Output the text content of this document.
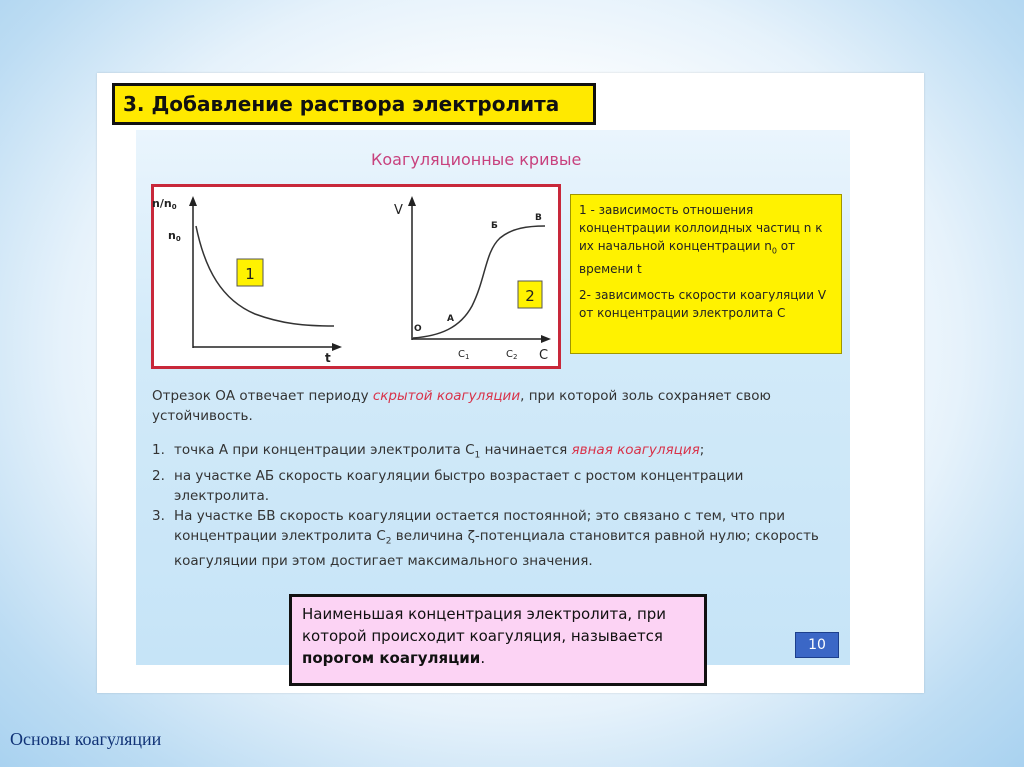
3. Добавление раствора электролита
Коагуляционные кривые
n/n0
n0
t
1
V
O
A
Б
В
$C_1$	$C_2$ C
2

1 - зависимость отношения концентрации коллоидных частиц n к их начальной концентрации $n_0$ от времени t

2- зависимость скорости коагуляции V от концентрации электролита C

Отрезок ОА отвечает периоду скрытой коагуляции, при которой золь сохраняет свою устойчивость.

1. точка А при концентрации электролита $С_1$ начинается явная коагуляция;
2. на участке АБ скорость коагуляции быстро возрастает с ростом концентрации электролита.
3. На участке БВ скорость коагуляции остается постоянной; это связано с тем, что при концентрации электролита $С_2$ величина ζ-потенциала становится равной нулю; скорость коагуляции при этом достигает максимального значения.
Наименьшая концентрация электролита, при которой происходит коагуляция, называется порогом коагуляции.
10
Основы коагуляции
